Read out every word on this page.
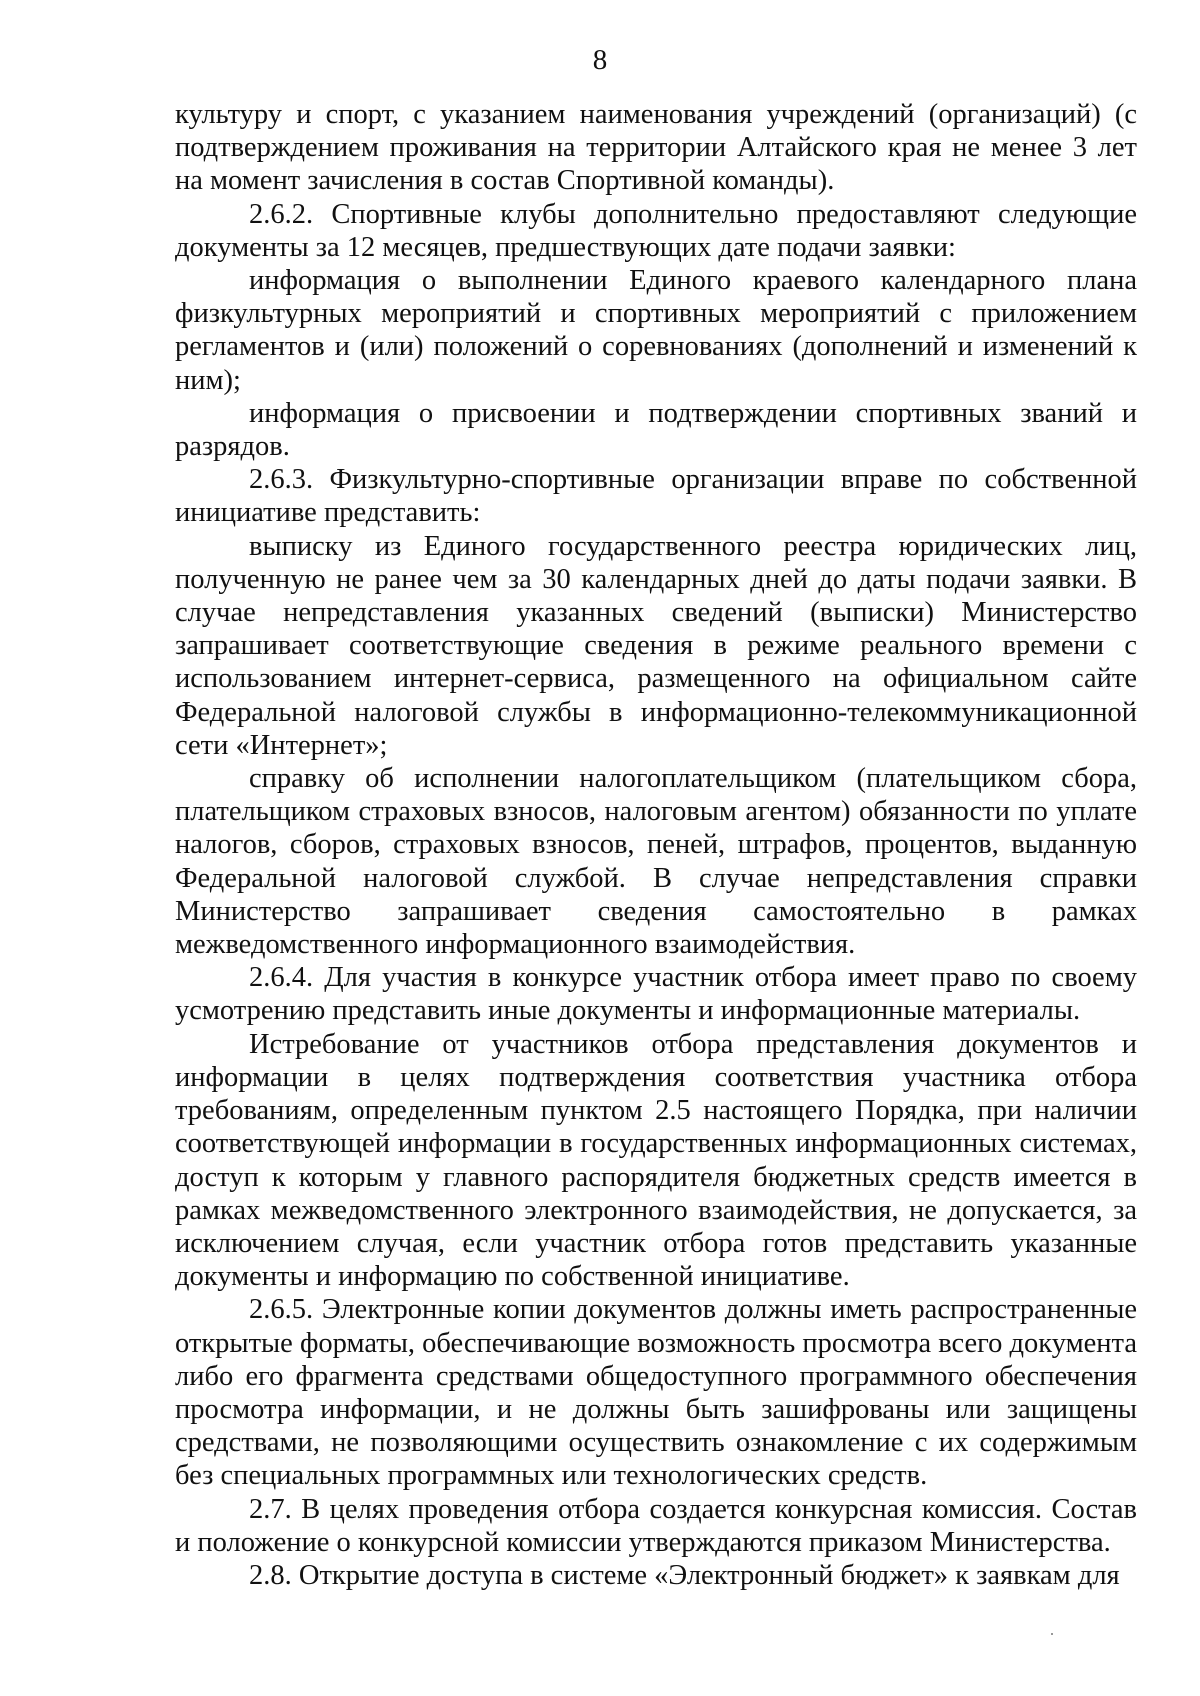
8

культуру и спорт, с указанием наименования учреждений (организаций) (с подтверждением проживания на территории Алтайского края не менее 3 лет на момент зачисления в состав Спортивной команды).

2.6.2. Спортивные клубы дополнительно предоставляют следующие документы за 12 месяцев, предшествующих дате подачи заявки:

информация о выполнении Единого краевого календарного плана физкультурных мероприятий и спортивных мероприятий с приложением регламентов и (или) положений о соревнованиях (дополнений и изменений к ним);

информация о присвоении и подтверждении спортивных званий и разрядов.

2.6.3. Физкультурно-спортивные организации вправе по собственной инициативе представить:

выписку из Единого государственного реестра юридических лиц, полученную не ранее чем за 30 календарных дней до даты подачи заявки. В случае непредставления указанных сведений (выписки) Министерство запрашивает соответствующие сведения в режиме реального времени с использованием интернет-сервиса, размещенного на официальном сайте Федеральной налоговой службы в информационно-телекоммуникационной сети «Интернет»;

справку об исполнении налогоплательщиком (плательщиком сбора, плательщиком страховых взносов, налоговым агентом) обязанности по уплате налогов, сборов, страховых взносов, пеней, штрафов, процентов, выданную Федеральной налоговой службой. В случае непредставления справки Министерство запрашивает сведения самостоятельно в рамках межведомственного информационного взаимодействия.

2.6.4. Для участия в конкурсе участник отбора имеет право по своему усмотрению представить иные документы и информационные материалы.

Истребование от участников отбора представления документов и информации в целях подтверждения соответствия участника отбора требованиям, определенным пунктом 2.5 настоящего Порядка, при наличии соответствующей информации в государственных информационных системах, доступ к которым у главного распорядителя бюджетных средств имеется в рамках межведомственного электронного взаимодействия, не допускается, за исключением случая, если участник отбора готов представить указанные документы и информацию по собственной инициативе.

2.6.5. Электронные копии документов должны иметь распространенные открытые форматы, обеспечивающие возможность просмотра всего документа либо его фрагмента средствами общедоступного программного обеспечения просмотра информации, и не должны быть зашифрованы или защищены средствами, не позволяющими осуществить ознакомление с их содержимым без специальных программных или технологических средств.

2.7. В целях проведения отбора создается конкурсная комиссия. Состав и положение о конкурсной комиссии утверждаются приказом Министерства.

2.8. Открытие доступа в системе «Электронный бюджет» к заявкам для
